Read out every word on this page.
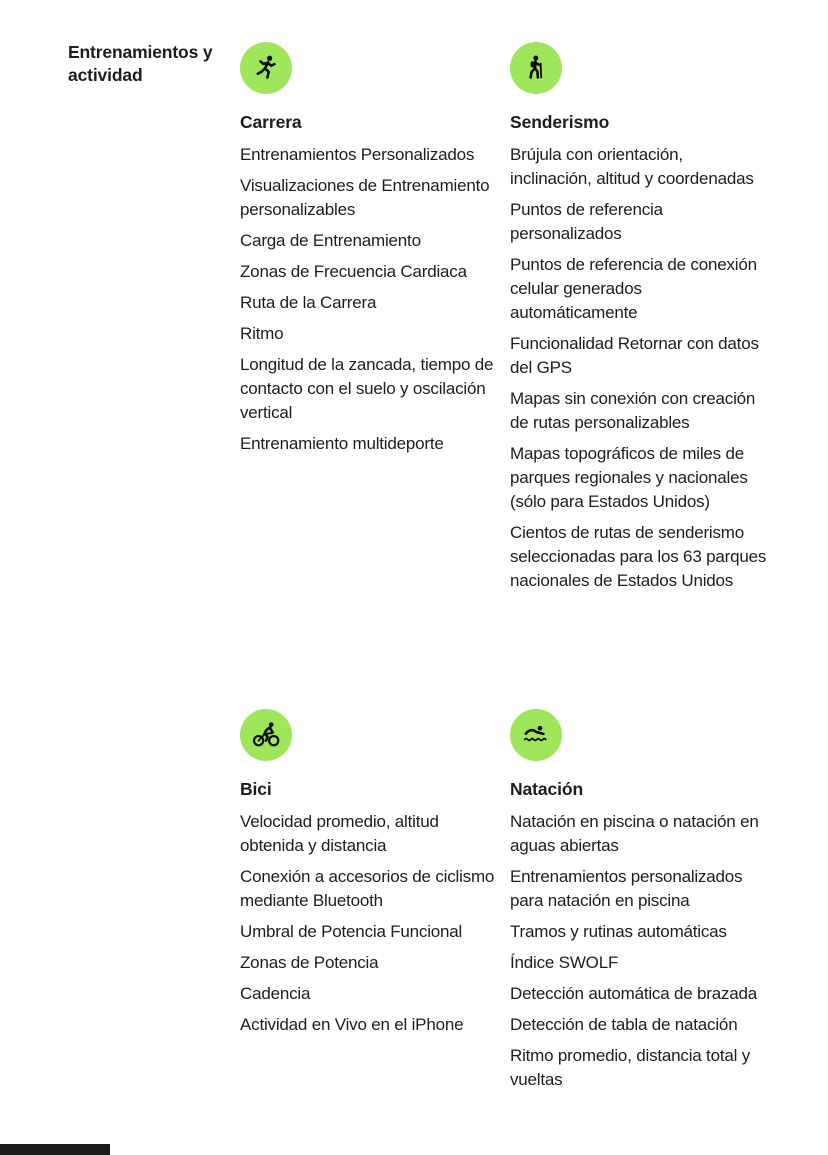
Entrenamientos y actividad
Carrera
Entrenamientos Personalizados
Visualizaciones de Entrenamiento personalizables
Carga de Entrenamiento
Zonas de Frecuencia Cardiaca
Ruta de la Carrera
Ritmo
Longitud de la zancada, tiempo de contacto con el suelo y oscilación vertical
Entrenamiento multideporte
Senderismo
Brújula con orientación, inclinación, altitud y coordenadas
Puntos de referencia personalizados
Puntos de referencia de conexión celular generados automáticamente
Funcionalidad Retornar con datos del GPS
Mapas sin conexión con creación de rutas personalizables
Mapas topográficos de miles de parques regionales y nacionales (sólo para Estados Unidos)
Cientos de rutas de senderismo seleccionadas para los 63 parques nacionales de Estados Unidos
Bici
Velocidad promedio, altitud obtenida y distancia
Conexión a accesorios de ciclismo mediante Bluetooth
Umbral de Potencia Funcional
Zonas de Potencia
Cadencia
Actividad en Vivo en el iPhone
Natación
Natación en piscina o natación en aguas abiertas
Entrenamientos personalizados para natación en piscina
Tramos y rutinas automáticas
Índice SWOLF
Detección automática de brazada
Detección de tabla de natación
Ritmo promedio, distancia total y vueltas
